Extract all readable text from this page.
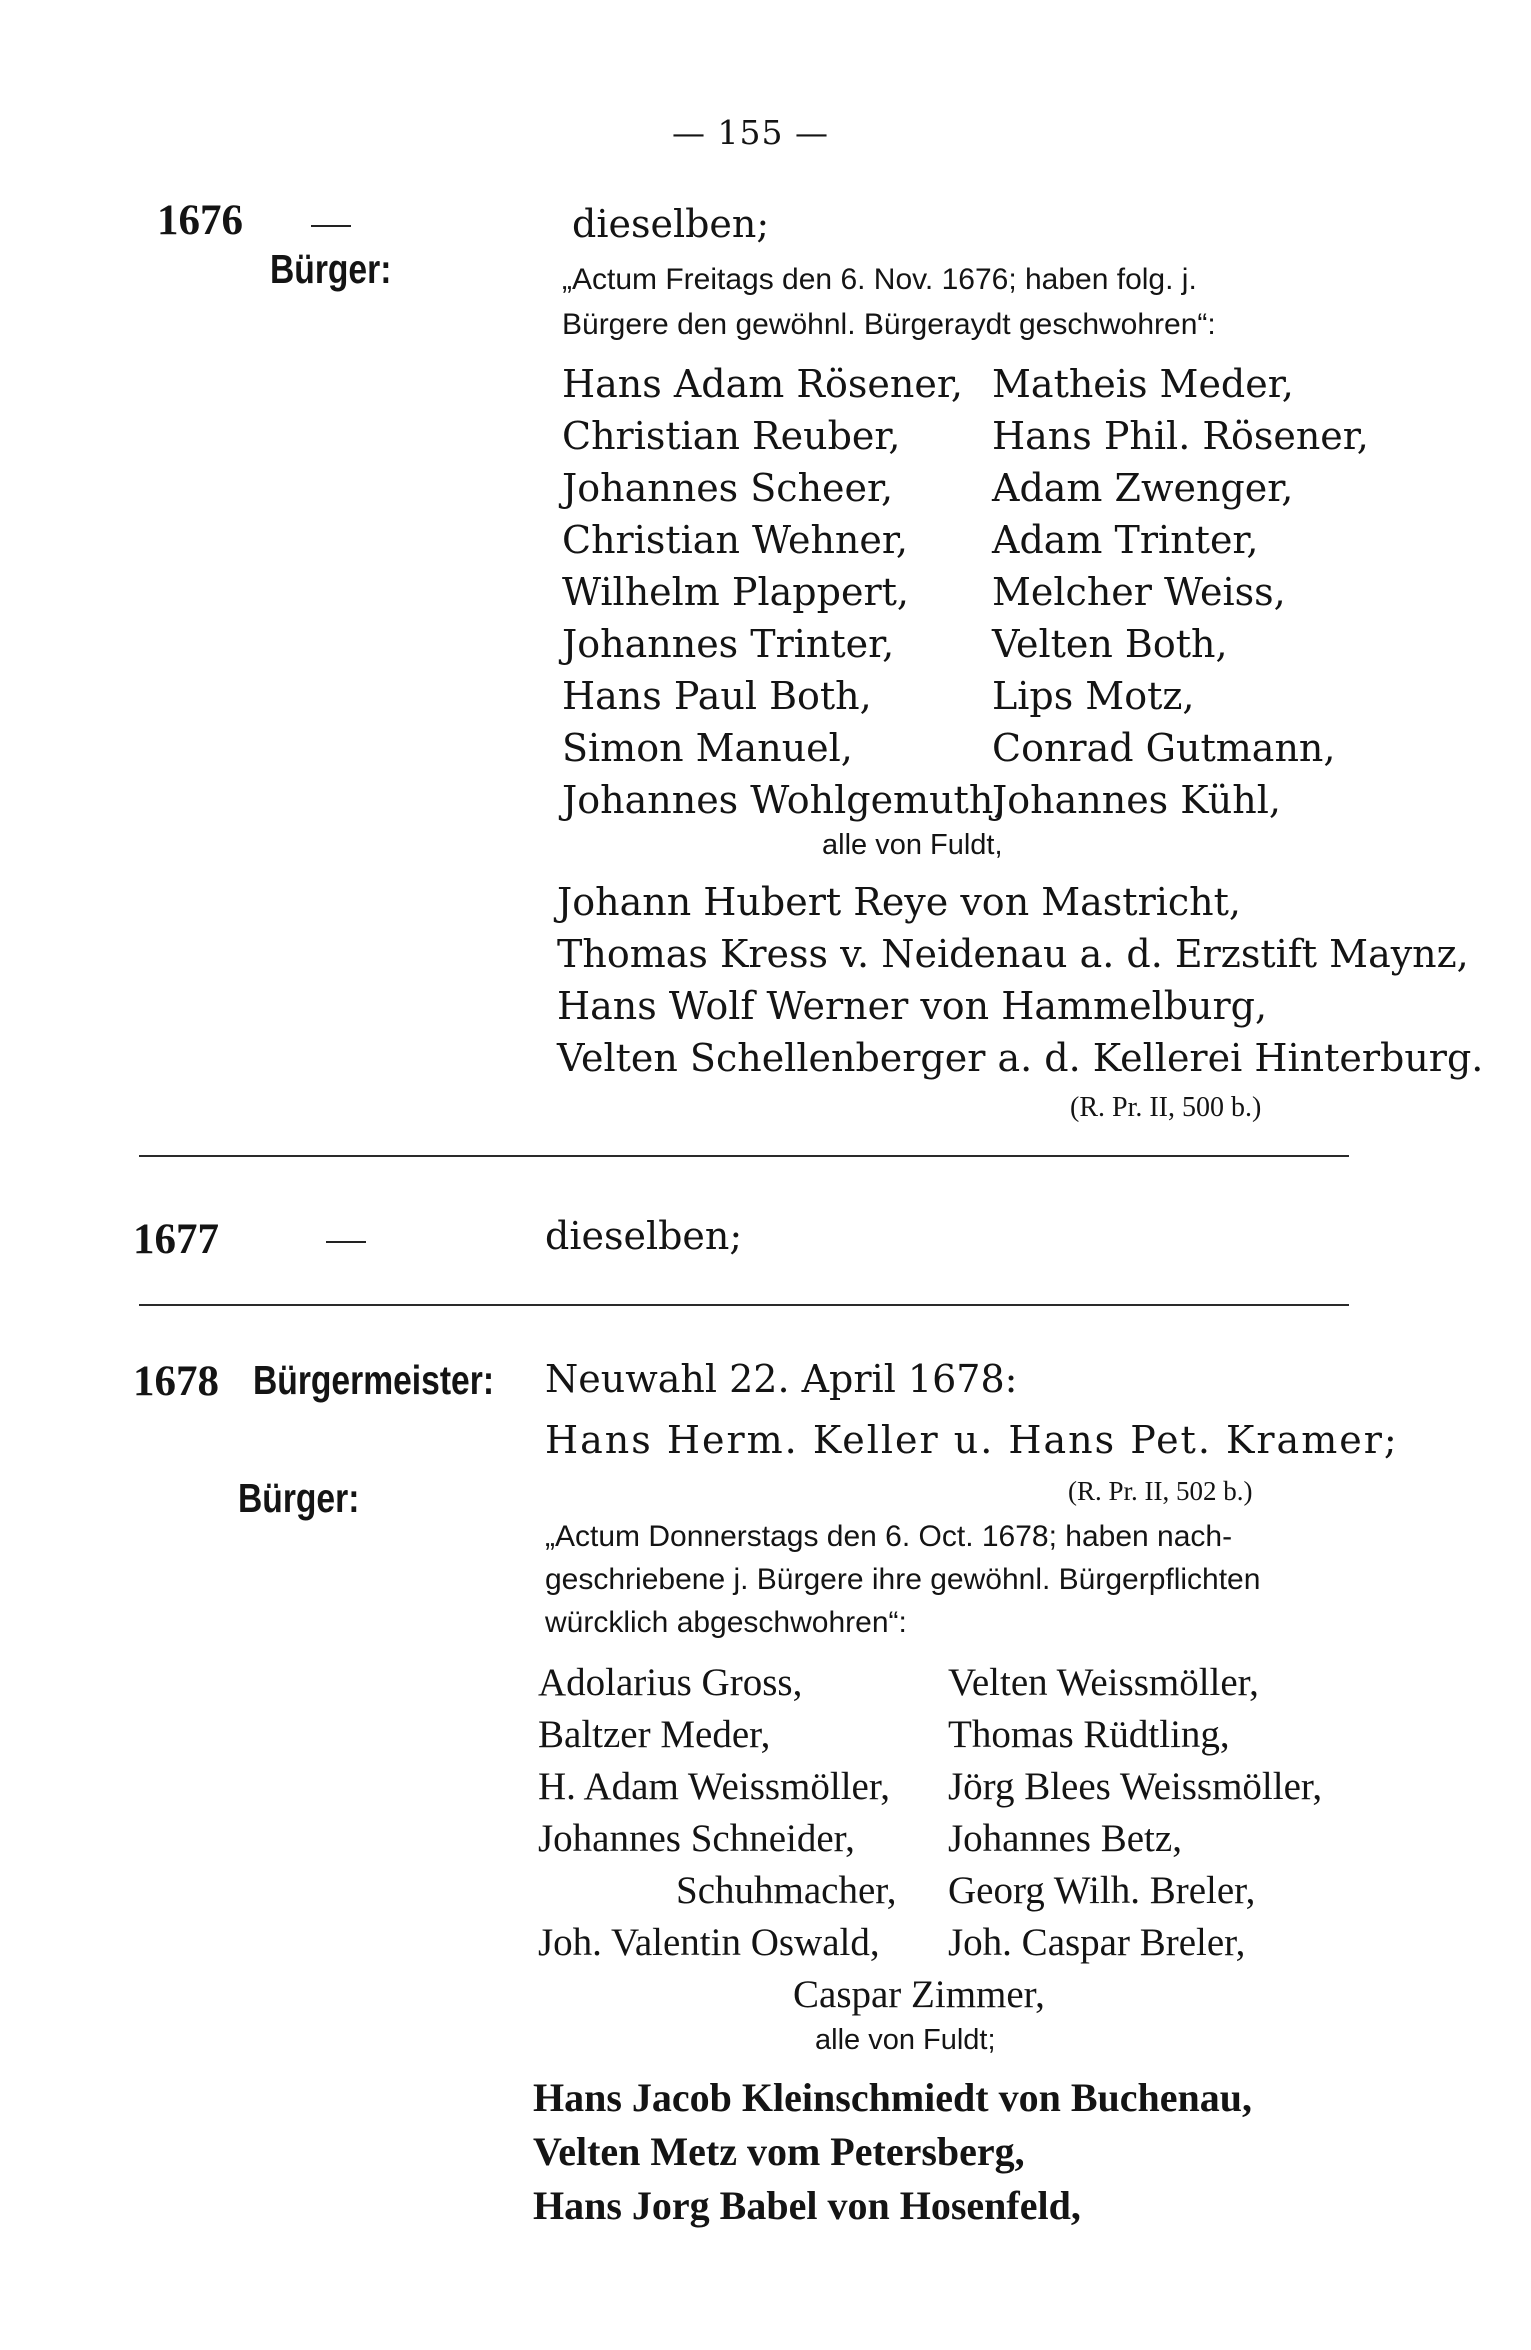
— 155 —
1676
Bürger:
dieselben;
„Actum Freitags den 6. Nov. 1676; haben folg. j.
Bürgere den gewöhnl. Bürgeraydt geschwohren“:
Hans Adam Rösener,
Christian Reuber,
Johannes Scheer,
Christian Wehner,
Wilhelm Plappert,
Johannes Trinter,
Hans Paul Both,
Simon Manuel,
Johannes Wohlgemuth,
Matheis Meder,
Hans Phil. Rösener,
Adam Zwenger,
Adam Trinter,
Melcher Weiss,
Velten Both,
Lips Motz,
Conrad Gutmann,
Johannes Kühl,
alle von Fuldt,
Johann Hubert Reye von Mastricht,
Thomas Kress v. Neidenau a. d. Erzstift Maynz,
Hans Wolf Werner von Hammelburg,
Velten Schellenberger a. d. Kellerei Hinterburg.
(R. Pr. II, 500 b.)
1677	dieselben;
1678 Bürgermeister: Neuwahl 22. April 1678:
Hans Herm. Keller u. Hans Pet. Kramer;
(R. Pr. II, 502 b.)
Bürger:
„Actum Donnerstags den 6. Oct. 1678; haben nach-
geschriebene j. Bürgere ihre gewöhnl. Bürgerpflichten
würcklich abgeschwohren“:
Adolarius Gross,
Baltzer Meder,
H. Adam Weissmöller,
Johannes Schneider,
Schuhmacher,
Joh. Valentin Oswald,
Velten Weissmöller,
Thomas Rüdtling,
Jörg Blees Weissmöller,
Johannes Betz,
Georg Wilh. Breler,
Joh. Caspar Breler,
Caspar Zimmer,
alle von Fuldt;
Hans Jacob Kleinschmiedt von Buchenau,
Velten Metz vom Petersberg,
Hans Jorg Babel von Hosenfeld,
